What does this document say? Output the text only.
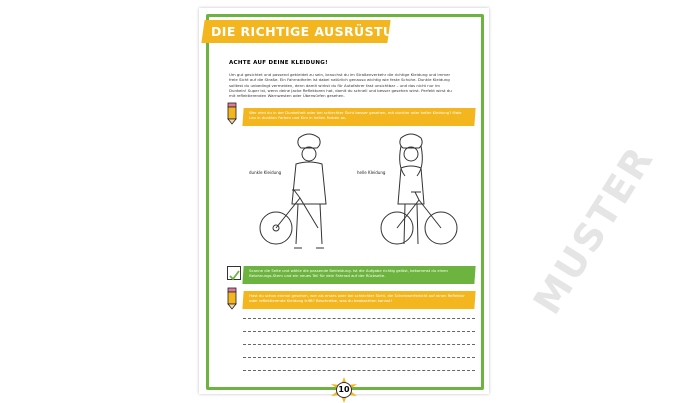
DIE RICHTIGE AUSRÜSTUNG
ACHTE AUF DEINE KLEIDUNG!
Um gut gesichtet und passend gekleidet zu sein, brauchst du im Straßenverkehr die richtige Kleidung und immer freie Sicht auf die Straße. Ein Fahrradhelm ist dabei natürlich genauso wichtig wie feste Schuhe. Dunkle Kleidung solltest du unbedingt vermeiden, denn damit wirkst du für Autofahrer fast unsichtbar – und das nicht nur im Dunkeln! Super ist, wenn deine Jacke Reflektoren hat, damit du schnell und besser gesehen wirst. Perfekt wirst du mit reflektierenden Warnwesten oder Überwürfen gesehen.
Wer wird du in der Dunkelheit oder bei schlechter Sicht besser gesehen, mit dunkler oder heller Kleidung? Male Leo in dunklen Farben und Kim in hellen Farben an.
dunkle Kleidung	helle Kleidung
Scanne die Seite und wähle die passende Bekleidung. Ist die Aufgabe richtig gelöst, bekommst du einen Belohnungs-Stern und ein neues Teil für dein Fahrrad auf der Rückseite.
Hast du schon einmal gesehen, wer als erstes oder bei schlechter Sicht, die Scheinwerferlicht auf einen Reflektor oder reflektierende Kleidung trifft? Beschreibe, was du beobachten kannst!	MUSTER
10
